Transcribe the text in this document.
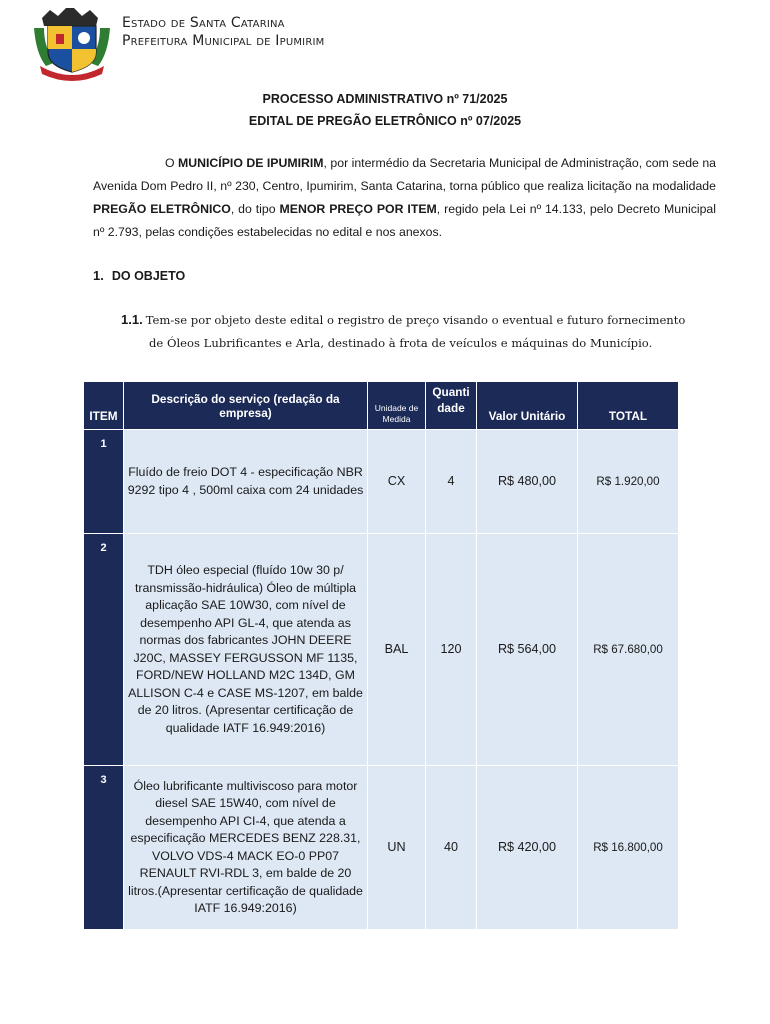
Estado de Santa Catarina
Prefeitura Municipal de Ipumirim
PROCESSO ADMINISTRATIVO nº 71/2025
EDITAL DE PREGÃO ELETRÔNICO nº 07/2025
O MUNICÍPIO DE IPUMIRIM, por intermédio da Secretaria Municipal de Administração, com sede na Avenida Dom Pedro II, nº 230, Centro, Ipumirim, Santa Catarina, torna público que realiza licitação na modalidade PREGÃO ELETRÔNICO, do tipo MENOR PREÇO POR ITEM, regido pela Lei nº 14.133, pelo Decreto Municipal nº 2.793, pelas condições estabelecidas no edital e nos anexos.
1. DO OBJETO
1.1. Tem-se por objeto deste edital o registro de preço visando o eventual e futuro fornecimento
de Óleos Lubrificantes e Arla, destinado à frota de veículos e máquinas do Município.
ITEM	Descrição do serviço (redação da empresa)	Unidade de Medida	Quantidade	Valor Unitário	TOTAL
1	Fluído de freio DOT 4 - especificação NBR 9292 tipo 4 , 500ml caixa com 24 unidades	CX	4	R$ 480,00	R$ 1.920,00
2	TDH óleo especial (fluído 10w 30 p/ transmissão-hidráulica) Óleo de múltipla aplicação SAE 10W30, com nível de desempenho API GL-4, que atenda as normas dos fabricantes JOHN DEERE J20C, MASSEY FERGUSSON MF 1135, FORD/NEW HOLLAND M2C 134D, GM ALLISON C-4 e CASE MS-1207, em balde de 20 litros. (Apresentar certificação de qualidade IATF 16.949:2016)	BAL	120	R$ 564,00	R$ 67.680,00
3	Óleo lubrificante multiviscoso para motor diesel SAE 15W40, com nível de desempenho API CI-4, que atenda a especificação MERCEDES BENZ 228.31, VOLVO VDS-4 MACK EO-0 PP07 RENAULT RVI-RDL 3, em balde de 20 litros.(Apresentar certificação de qualidade IATF 16.949:2016)	UN	40	R$ 420,00	R$ 16.800,00
